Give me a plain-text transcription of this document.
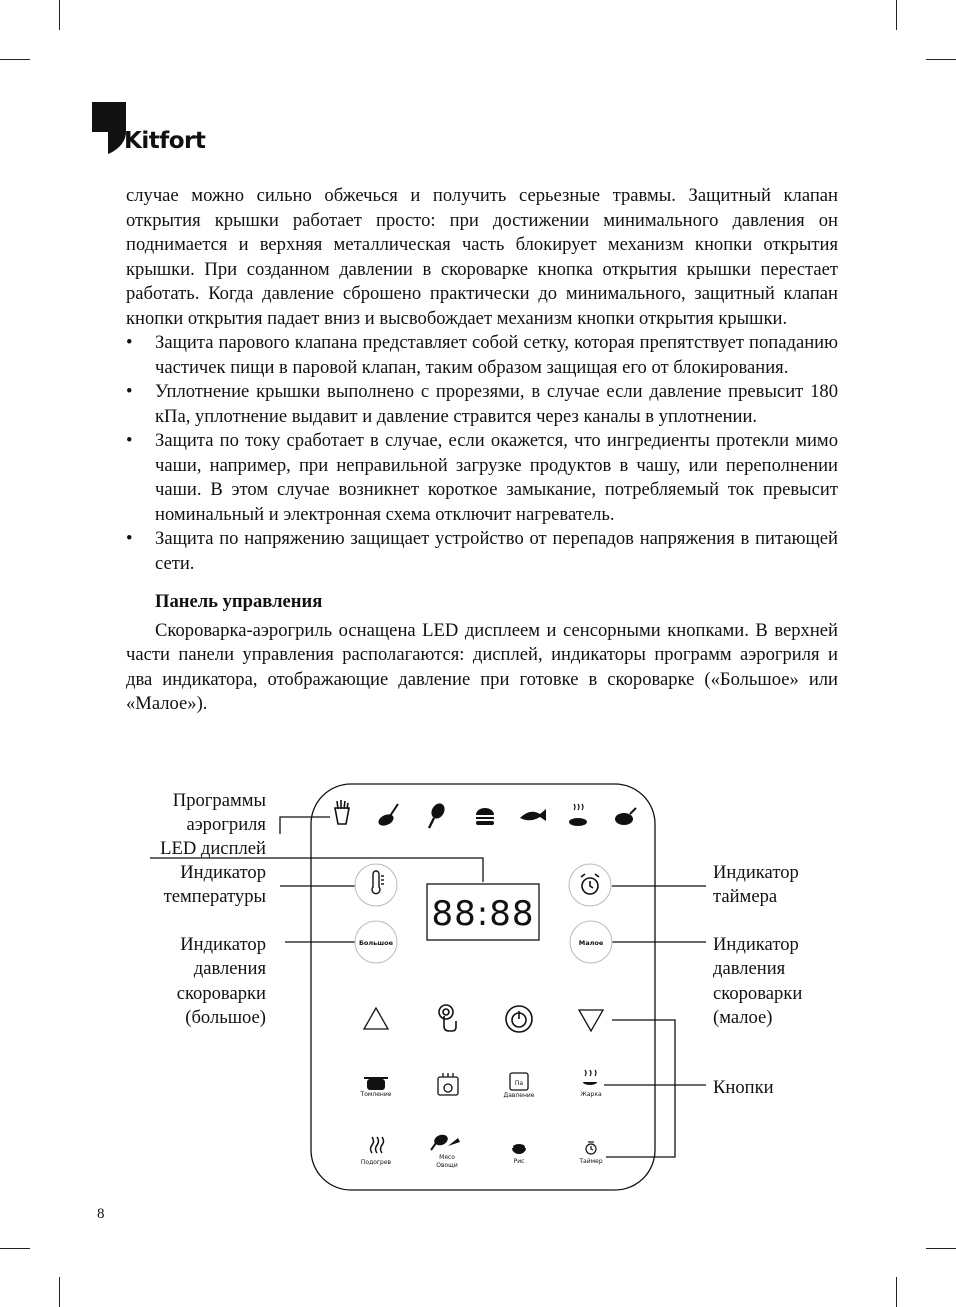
Kitfort

случае можно сильно обжечься и получить серьезные травмы. Защитный клапан открытия крышки работает просто: при достижении минимального давления он поднимается и верхняя металлическая часть блокирует механизм кнопки открытия крышки. При созданном давлении в скороварке кнопка открытия крышки перестает работать. Когда давление сброшено практически до минимального, защитный клапан кнопки открытия падает вниз и высвобождает механизм кнопки открытия крышки.

• Защита парового клапана представляет собой сетку, которая препятствует попаданию частичек пищи в паровой клапан, таким образом защищая его от блокирования.
• Уплотнение крышки выполнено с прорезями, в случае если давление превысит 180 кПа, уплотнение выдавит и давление стравится через каналы в уплотнении.
• Защита по току сработает в случае, если окажется, что ингредиенты протекли мимо чаши, например, при неправильной загрузке продуктов в чашу, или переполнении чаши. В этом случае возникнет короткое замыкание, потребляемый ток превысит номинальный и электронная схема отключит нагреватель.
• Защита по напряжению защищает устройство от перепадов напряжения в питающей сети.
Панель управления

Скороварка-аэрогриль оснащена LED дисплеем и сенсорными кнопками. В верхней части панели управления располагаются: дисплей, индикаторы программ аэрогриля и два индикатора, отображающие давление при готовке в скороварке («Большое» или «Малое»).

Большое	Малое
88:88
Томление
Па
Давление	Жарка
Подогрев
Мясо
Овощи
Рис	Таймер
Программы
аэрогриля
LED дисплей
Индикатор
температуры
Индикатор
давления
скороварки
(большое)
Индикатор
таймера
Индикатор
давления
скороварки
(малое)
Кнопки
8
